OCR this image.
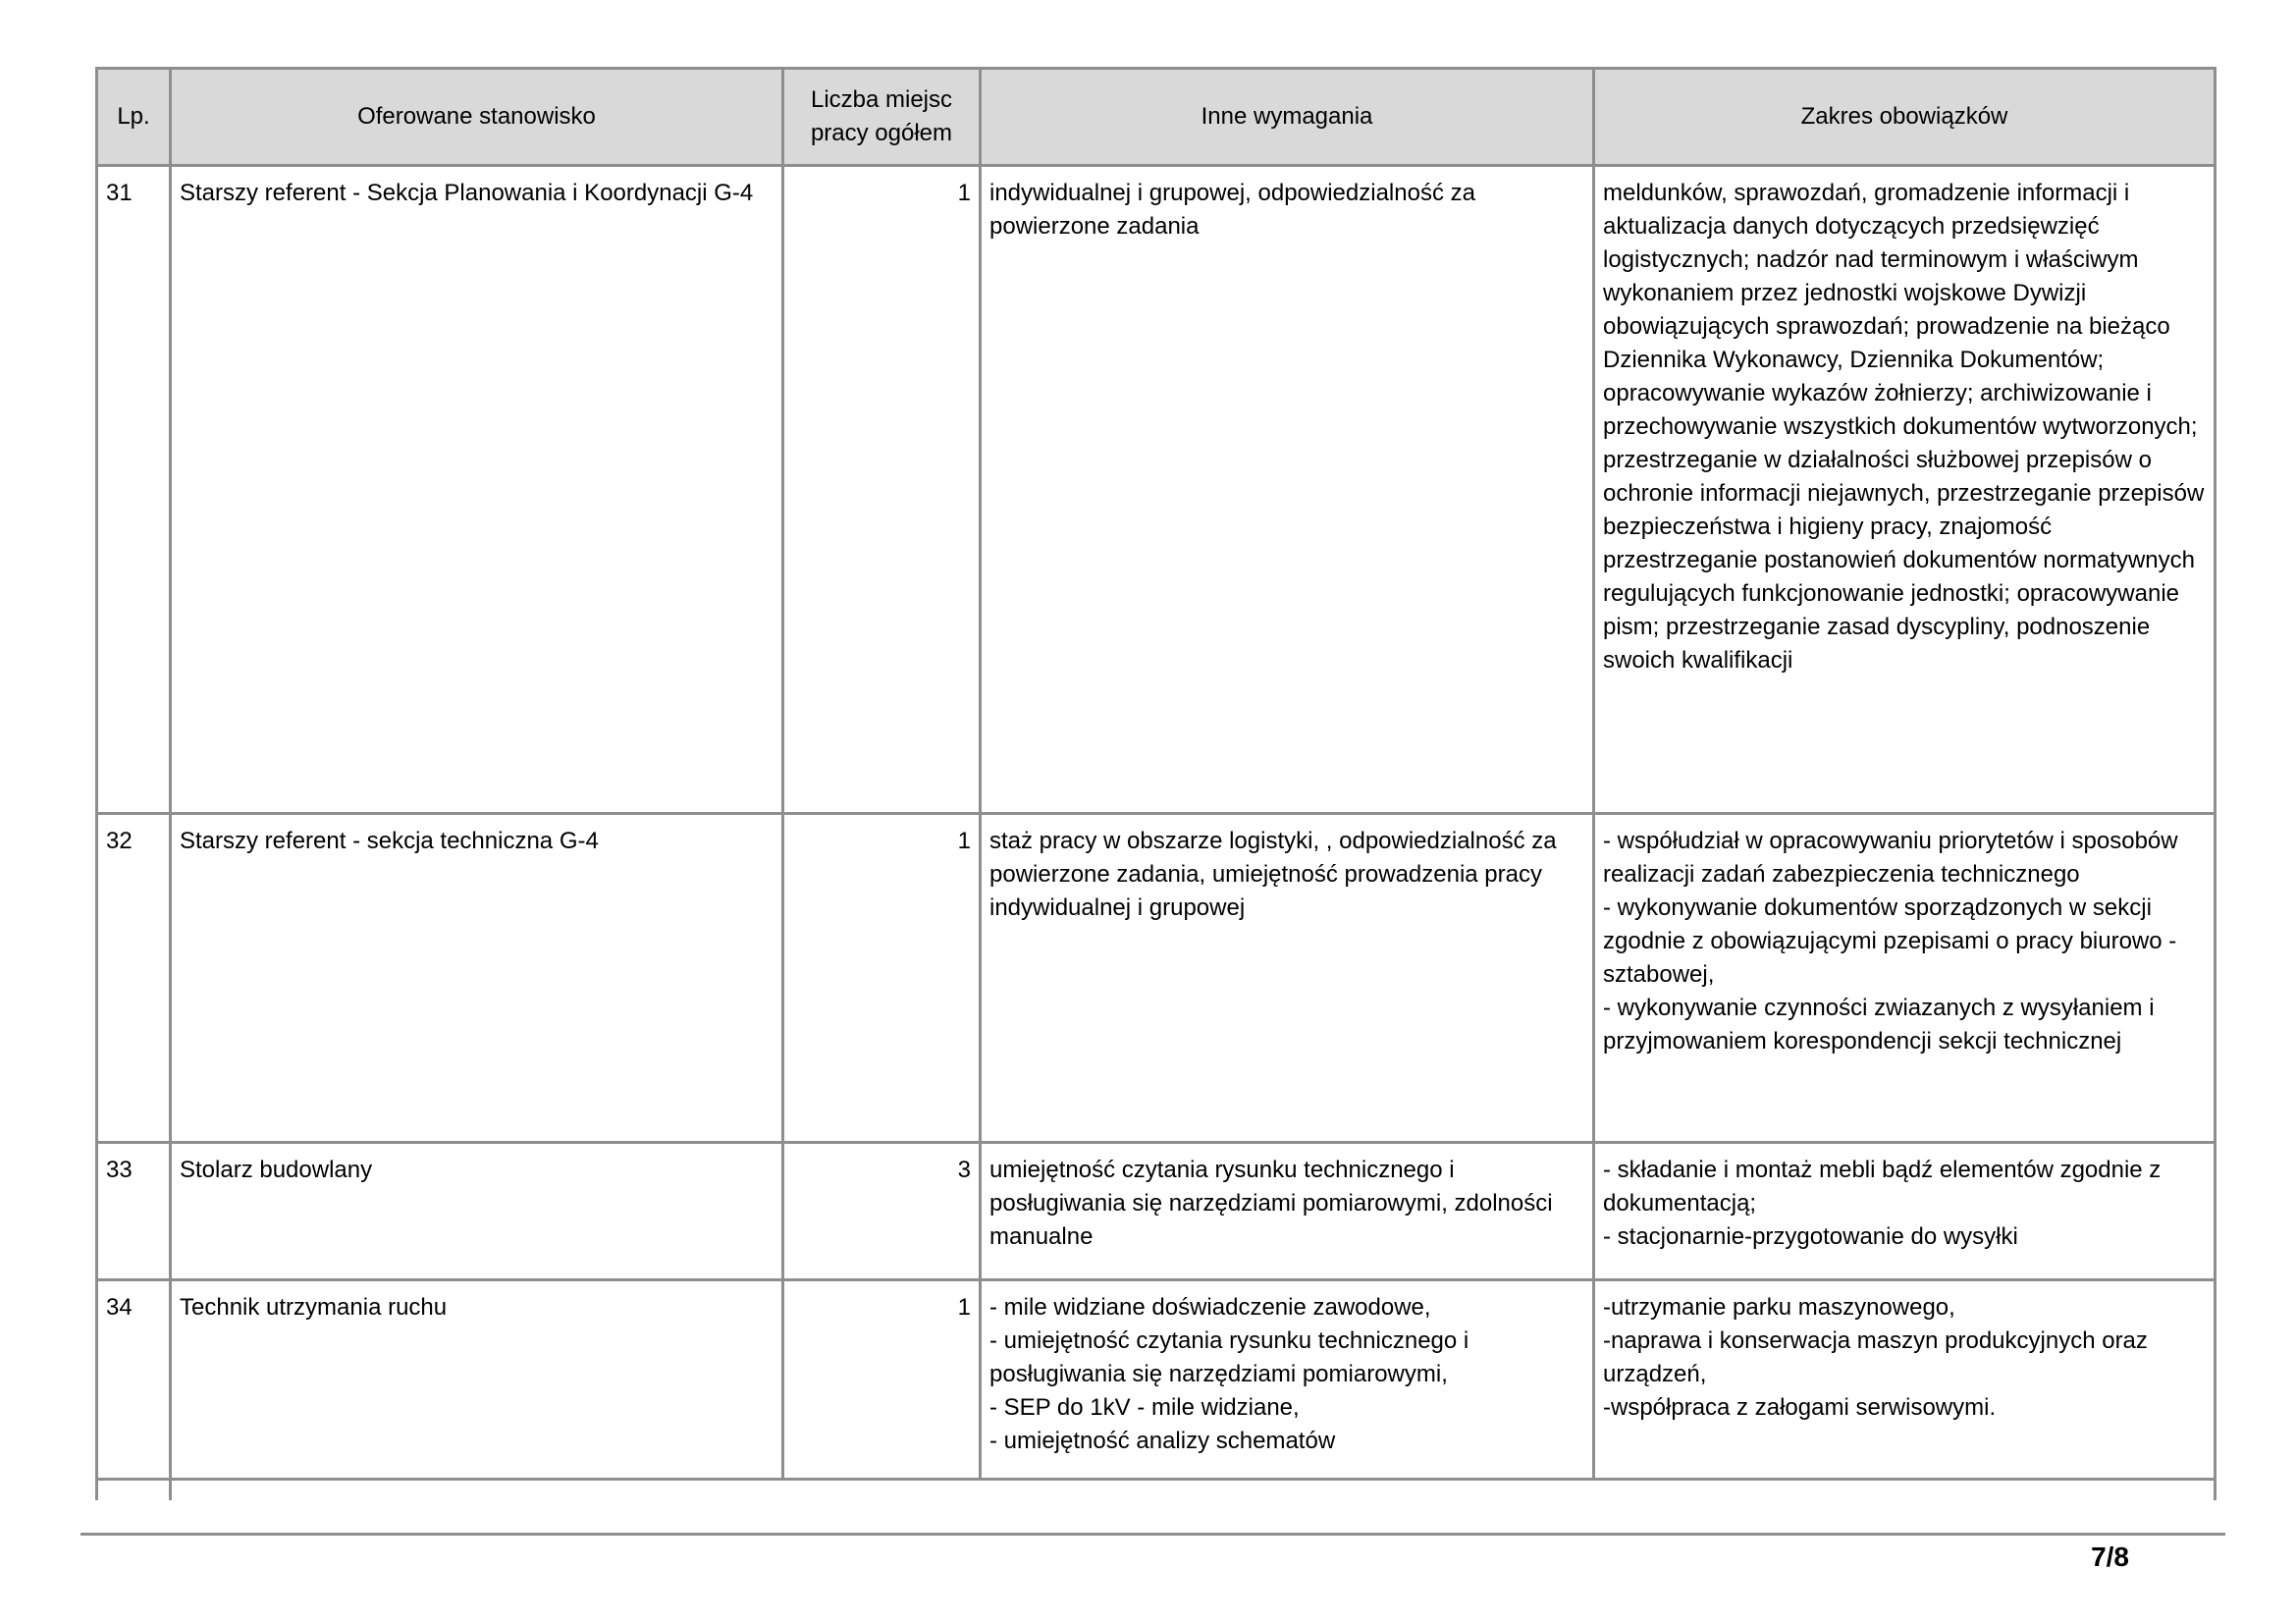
Lp.	Oferowane stanowisko	Liczba miejsc pracy ogółem	Inne wymagania	Zakres obowiązków
31	Starszy referent - Sekcja Planowania i Koordynacji G-4	1	indywidualnej i grupowej, odpowiedzialność za powierzone zadania	meldunków, sprawozdań, gromadzenie informacji i aktualizacja danych dotyczących przedsięwzięć logistycznych; nadzór nad terminowym i właściwym wykonaniem przez jednostki wojskowe Dywizji obowiązujących sprawozdań; prowadzenie na bieżąco Dziennika Wykonawcy, Dziennika Dokumentów; opracowywanie wykazów żołnierzy; archiwizowanie i przechowywanie wszystkich dokumentów wytworzonych; przestrzeganie w działalności służbowej przepisów o ochronie informacji niejawnych, przestrzeganie przepisów bezpieczeństwa i higieny pracy, znajomość przestrzeganie postanowień dokumentów normatywnych regulujących funkcjonowanie jednostki; opracowywanie pism; przestrzeganie zasad dyscypliny, podnoszenie swoich kwalifikacji
32	Starszy referent - sekcja techniczna G-4	1	staż pracy w obszarze logistyki, , odpowiedzialność za powierzone zadania, umiejętność prowadzenia pracy indywidualnej i grupowej	- współudział w opracowywaniu priorytetów i sposobów realizacji zadań zabezpieczenia technicznego
- wykonywanie dokumentów sporządzonych w sekcji zgodnie z obowiązującymi pzepisami o pracy biurowo - sztabowej,
- wykonywanie czynności zwiazanych z wysyłaniem i przyjmowaniem korespondencji sekcji technicznej
33	Stolarz budowlany	3	umiejętność czytania rysunku technicznego i posługiwania się narzędziami pomiarowymi, zdolności manualne	- składanie i montaż mebli bądź elementów zgodnie z dokumentacją;
- stacjonarnie-przygotowanie do wysyłki
34	Technik utrzymania ruchu	1	- mile widziane doświadczenie zawodowe,
- umiejętność czytania rysunku technicznego i posługiwania się narzędziami pomiarowymi,
- SEP do 1kV - mile widziane,
- umiejętność analizy schematów	-utrzymanie parku maszynowego,
-naprawa i konserwacja maszyn produkcyjnych oraz urządzeń,
-współpraca z załogami serwisowymi.

7/8
